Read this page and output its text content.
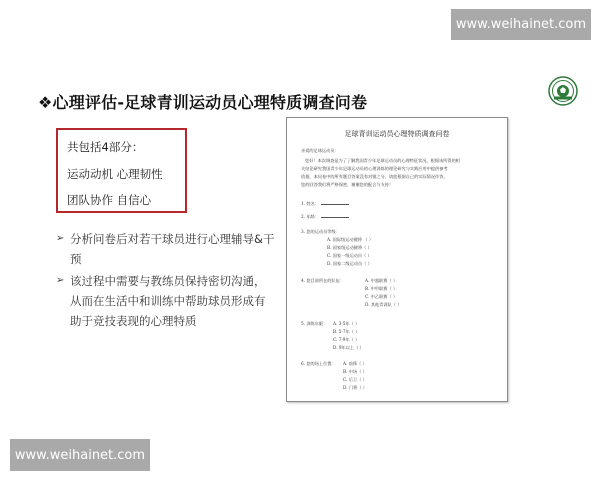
www.weihainet.com
❖心理评估-足球青训运动员心理特质调查问卷
共包括4部分：
运动动机 心理韧性
团队协作 自信心
➢ 分析问卷后对若干球员进行心理辅导&干预
➢ 该过程中需要与教练员保持密切沟通，从而在生活中和训练中帮助球员形成有助于竞技表现的心理特质
足球青训运动员心理特质调查问卷
亲爱的足球运动员：
您好！本次调查是为了了解我国青少年足球运动员的心理特征状况，根据该所得的相
关结论研究我国青少年足球运动员的心理训练的理论研究与实践应用中提供参考
依据，本问卷中的所有题目答案没有对错之分，请您根据自己的实际情况作答，
您的回答我们将严格保密，谢谢您的配合与支持！
1. 姓名：
2. 年龄：
3. 您的运动员等级：
A. 国际级运动健将 （ ）
B. 国家级运动健将（ ）
C. 国家一级运动员（ ）
D. 国家二级运动员（ ）
4. 您目前所在的队伍：	A. 中超联赛（ ）
B. 中甲联赛（ ）
C. 中乙联赛（ ）
D. 其他青训队（ ）
5. 训练年限： A. 3-5年（ ）
B. 5-7年（ ）
C. 7-9年（ ）
D. 9年以上（ ）
6. 您的场上位置： A. 前锋（ ）
B. 中场（ ）
C. 后卫（ ）
D. 门将（ ）
www.weihainet.com
